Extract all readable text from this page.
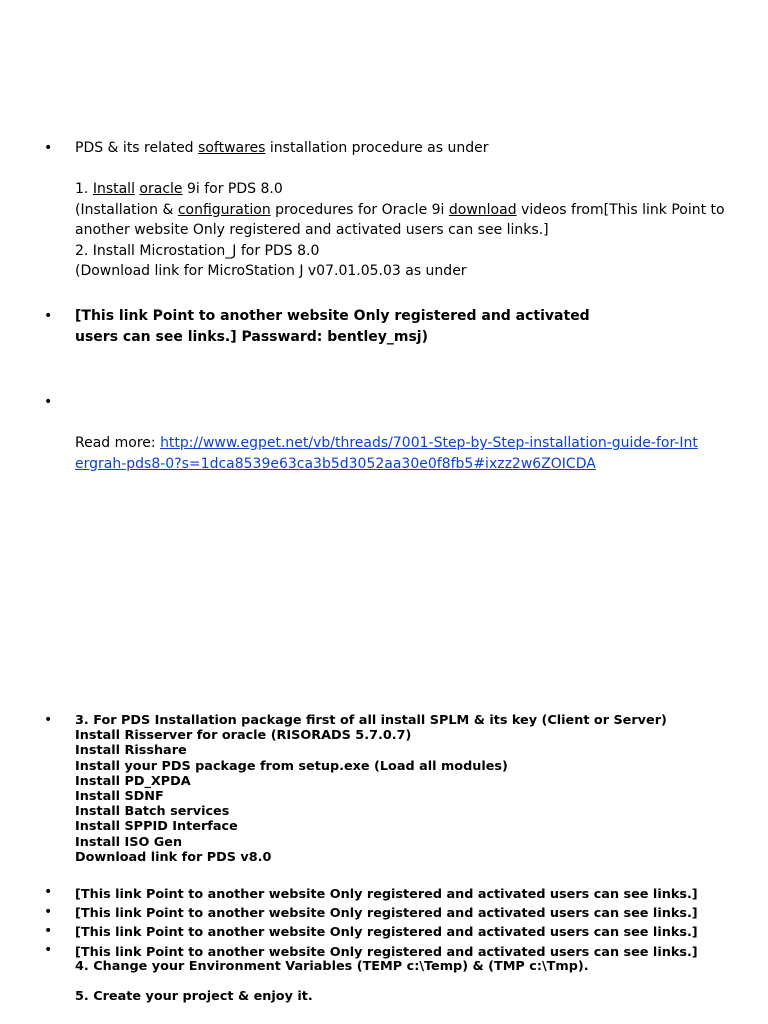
• PDS & its related softwares installation procedure as under
1. Install oracle 9i for PDS 8.0
(Installation & configuration procedures for Oracle 9i download videos from[This link Point to another website Only registered and activated users can see links.]
2. Install Microstation_J for PDS 8.0
(Download link for MicroStation J v07.01.05.03 as under
• [This link Point to another website Only registered and activated users can see links.] Passward: bentley_msj)
•
Read more: http://www.egpet.net/vb/threads/7001-Step-by-Step-installation-guide-for-Intergrah-pds8-0?s=1dca8539e63ca3b5d3052aa30e0f8fb5#ixzz2w6ZOICDA
• 3. For PDS Installation package first of all install SPLM & its key (Client or Server)
Install Risserver for oracle (RISORADS 5.7.0.7)
Install Risshare
Install your PDS package from setup.exe (Load all modules)
Install PD_XPDA
Install SDNF
Install Batch services
Install SPPID Interface
Install ISO Gen
Download link for PDS v8.0
•
•
•
•
[This link Point to another website Only registered and activated users can see links.]
[This link Point to another website Only registered and activated users can see links.]
[This link Point to another website Only registered and activated users can see links.]
[This link Point to another website Only registered and activated users can see links.]
4. Change your Environment Variables (TEMP c:\Temp) & (TMP c:\Tmp).
5. Create your project & enjoy it.
